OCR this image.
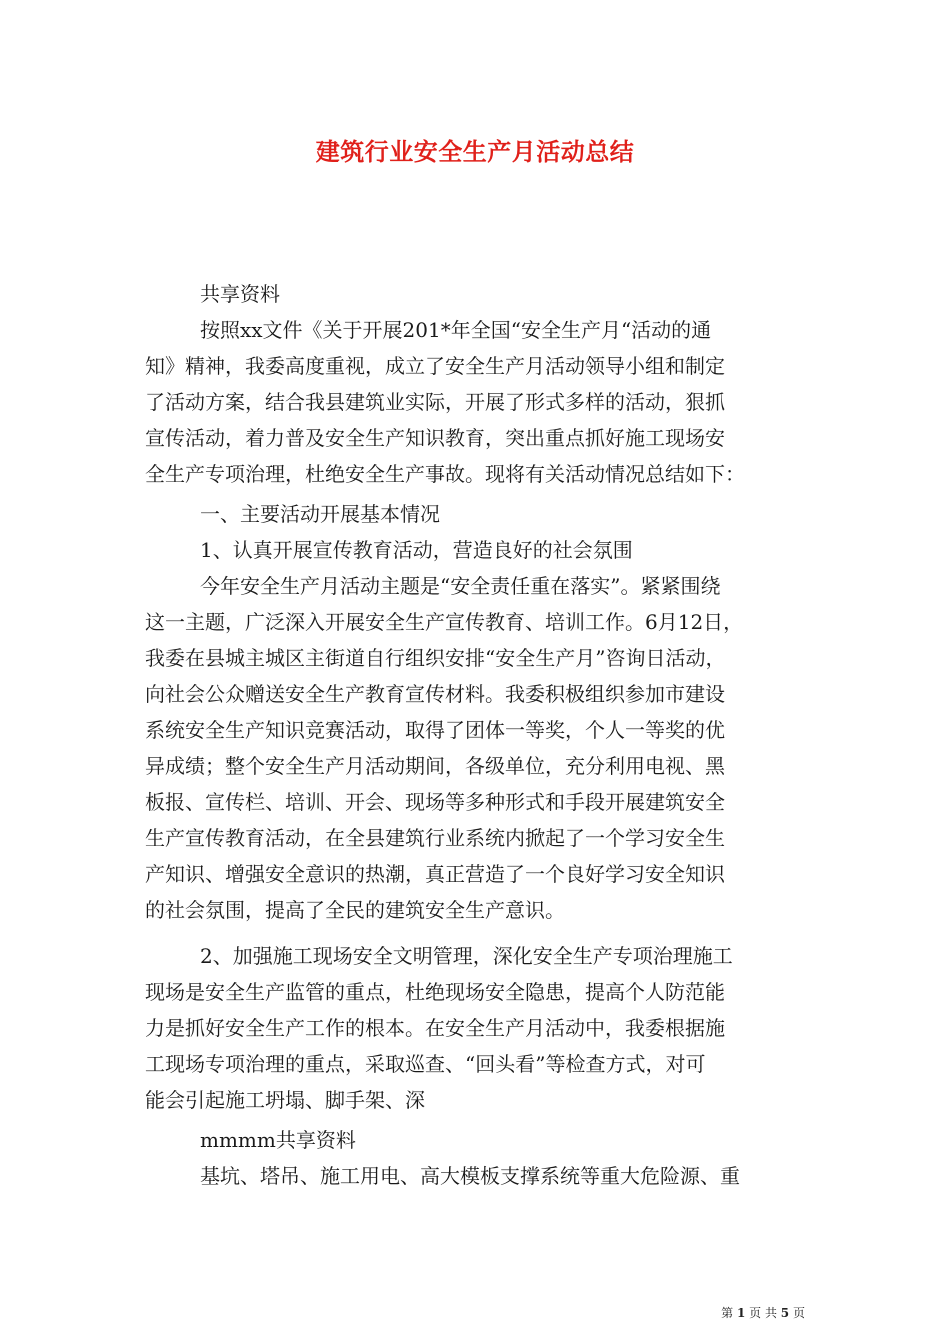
建筑行业安全生产月活动总结

共享资料

按照xx文件《关于开展201*年全国“安全生产月“活动的通

知》精神，我委高度重视，成立了安全生产月活动领导小组和制定

了活动方案，结合我县建筑业实际，开展了形式多样的活动，狠抓

宣传活动，着力普及安全生产知识教育，突出重点抓好施工现场安

全生产专项治理，杜绝安全生产事故。现将有关活动情况总结如下：

一、主要活动开展基本情况

1、认真开展宣传教育活动，营造良好的社会氛围

今年安全生产月活动主题是“安全责任重在落实”。紧紧围绕

这一主题，广泛深入开展安全生产宣传教育、培训工作。6月12日，

我委在县城主城区主街道自行组织安排“安全生产月”咨询日活动，

向社会公众赠送安全生产教育宣传材料。我委积极组织参加市建设

系统安全生产知识竞赛活动，取得了团体一等奖，个人一等奖的优

异成绩；整个安全生产月活动期间，各级单位，充分利用电视、黑

板报、宣传栏、培训、开会、现场等多种形式和手段开展建筑安全

生产宣传教育活动，在全县建筑行业系统内掀起了一个学习安全生

产知识、增强安全意识的热潮，真正营造了一个良好学习安全知识

的社会氛围，提高了全民的建筑安全生产意识。

2、加强施工现场安全文明管理，深化安全生产专项治理施工

现场是安全生产监管的重点，杜绝现场安全隐患，提高个人防范能

力是抓好安全生产工作的根本。在安全生产月活动中，我委根据施

工现场专项治理的重点，采取巡查、“回头看”等检查方式，对可

能会引起施工坍塌、脚手架、深

mmmm共享资料

基坑、塔吊、施工用电、高大模板支撑系统等重大危险源、重

第 1 页 共 5 页
